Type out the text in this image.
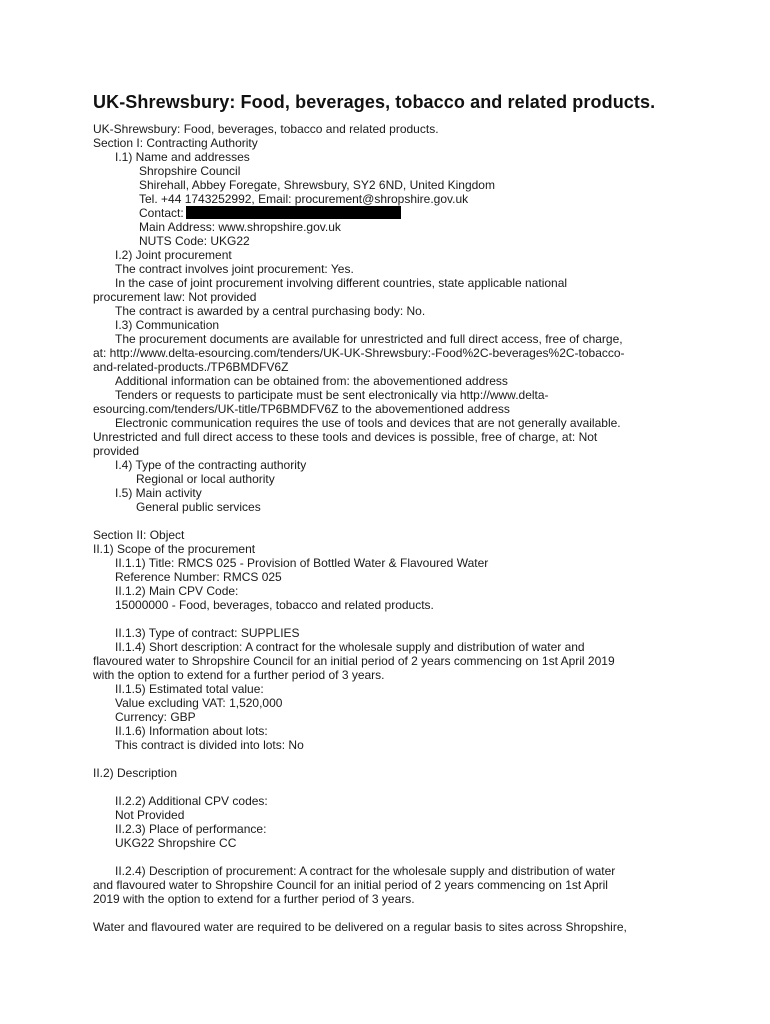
UK-Shrewsbury: Food, beverages, tobacco and related products.
UK-Shrewsbury: Food, beverages, tobacco and related products.
Section I: Contracting Authority
I.1) Name and addresses
Shropshire Council
Shirehall, Abbey Foregate, Shrewsbury, SY2 6ND, United Kingdom
Tel. +44 1743252992, Email: procurement@shropshire.gov.uk
Contact:
Main Address: www.shropshire.gov.uk
NUTS Code: UKG22
I.2) Joint procurement
The contract involves joint procurement: Yes.
In the case of joint procurement involving different countries, state applicable national
procurement law: Not provided
The contract is awarded by a central purchasing body: No.
I.3) Communication
The procurement documents are available for unrestricted and full direct access, free of charge,
at: http://www.delta-esourcing.com/tenders/UK-UK-Shrewsbury:-Food%2C-beverages%2C-tobacco-
and-related-products./TP6BMDFV6Z
Additional information can be obtained from: the abovementioned address
Tenders or requests to participate must be sent electronically via http://www.delta-
esourcing.com/tenders/UK-title/TP6BMDFV6Z to the abovementioned address
Electronic communication requires the use of tools and devices that are not generally available.
Unrestricted and full direct access to these tools and devices is possible, free of charge, at: Not
provided
I.4) Type of the contracting authority
Regional or local authority
I.5) Main activity
General public services
Section II: Object
II.1) Scope of the procurement
II.1.1) Title: RMCS 025 - Provision of Bottled Water & Flavoured Water
Reference Number: RMCS 025
II.1.2) Main CPV Code:
15000000 - Food, beverages, tobacco and related products.
II.1.3) Type of contract: SUPPLIES
II.1.4) Short description: A contract for the wholesale supply and distribution of water and
flavoured water to Shropshire Council for an initial period of 2 years commencing on 1st April 2019
with the option to extend for a further period of 3 years.
II.1.5) Estimated total value:
Value excluding VAT: 1,520,000
Currency: GBP
II.1.6) Information about lots:
This contract is divided into lots: No
II.2) Description
II.2.2) Additional CPV codes:
Not Provided
II.2.3) Place of performance:
UKG22 Shropshire CC
II.2.4) Description of procurement: A contract for the wholesale supply and distribution of water
and flavoured water to Shropshire Council for an initial period of 2 years commencing on 1st April
2019 with the option to extend for a further period of 3 years.
Water and flavoured water are required to be delivered on a regular basis to sites across Shropshire,
